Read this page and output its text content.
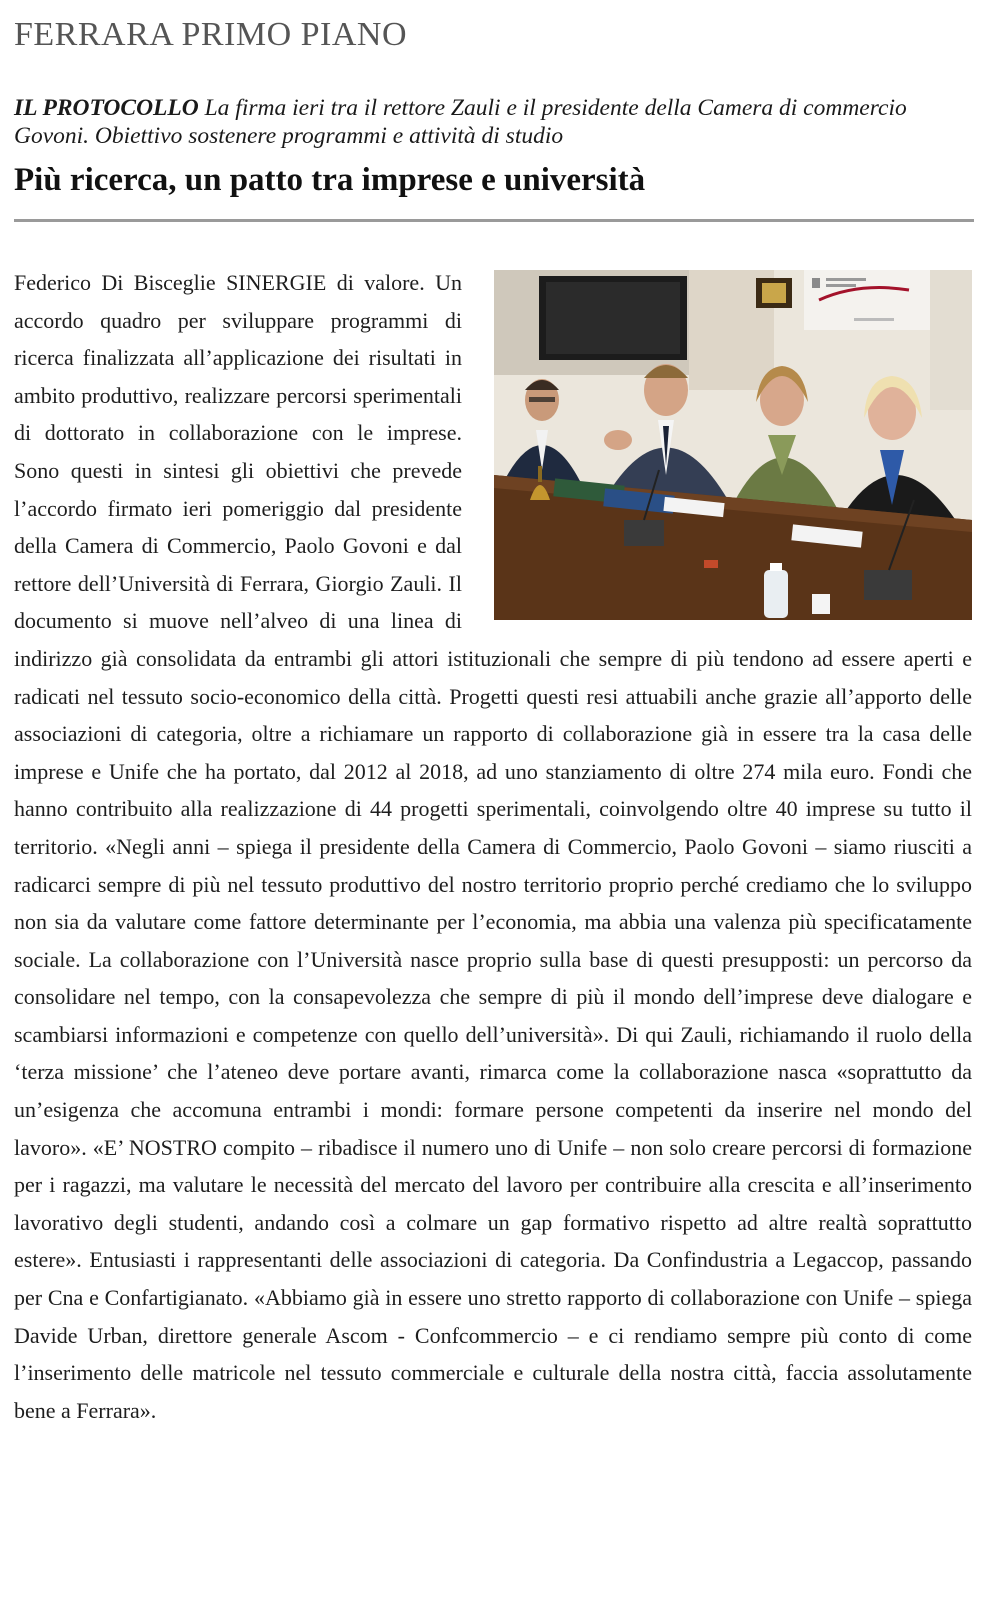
FERRARA PRIMO PIANO
IL PROTOCOLLO La firma ieri tra il rettore Zauli e il presidente della Camera di commercio Govoni. Obiettivo sostenere programmi e attività di studio
Più ricerca, un patto tra imprese e università
Federico Di Bisceglie SINERGIE di valore. Un accordo quadro per sviluppare programmi di ricerca finalizzata all’applicazione dei risultati in ambito produttivo, realizzare percorsi sperimentali di dottorato in collaborazione con le imprese. Sono questi in sintesi gli obiettivi che prevede l’accordo firmato ieri pomeriggio dal presidente della Camera di Commercio, Paolo Govoni e dal rettore dell’Università di Ferrara, Giorgio Zauli. Il documento si muove nell’alveo di una linea di indirizzo già consolidata da entrambi gli attori istituzionali che sempre di più tendono ad essere aperti e radicati nel tessuto socio-economico della città. Progetti questi resi attuabili anche grazie all’apporto delle associazioni di categoria, oltre a richiamare un rapporto di collaborazione già in essere tra la casa delle imprese e Unife che ha portato, dal 2012 al 2018, ad uno stanziamento di oltre 274 mila euro. Fondi che hanno contribuito alla realizzazione di 44 progetti sperimentali, coinvolgendo oltre 40 imprese su tutto il territorio. «Negli anni – spiega il presidente della Camera di Commercio, Paolo Govoni – siamo riusciti a radicarci sempre di più nel tessuto produttivo del nostro territorio proprio perché crediamo che lo sviluppo non sia da valutare come fattore determinante per l’economia, ma abbia una valenza più specificatamente sociale. La collaborazione con l’Università nasce proprio sulla base di questi presupposti: un percorso da consolidare nel tempo, con la consapevolezza che sempre di più il mondo dell’imprese deve dialogare e scambiarsi informazioni e competenze con quello dell’università». Di qui Zauli, richiamando il ruolo della ‘terza missione’ che l’ateneo deve portare avanti, rimarca come la collaborazione nasca «soprattutto da un’esigenza che accomuna entrambi i mondi: formare persone competenti da inserire nel mondo del lavoro». «E’ NOSTRO compito – ribadisce il numero uno di Unife – non solo creare percorsi di formazione per i ragazzi, ma valutare le necessità del mercato del lavoro per contribuire alla crescita e all’inserimento lavorativo degli studenti, andando così a colmare un gap formativo rispetto ad altre realtà soprattutto estere». Entusiasti i rappresentanti delle associazioni di categoria. Da Confindustria a Legaccop, passando per Cna e Confartigianato. «Abbiamo già in essere uno stretto rapporto di collaborazione con Unife – spiega Davide Urban, direttore generale Ascom - Confcommercio – e ci rendiamo sempre più conto di come l’inserimento delle matricole nel tessuto commerciale e culturale della nostra città, faccia assolutamente bene a Ferrara».
